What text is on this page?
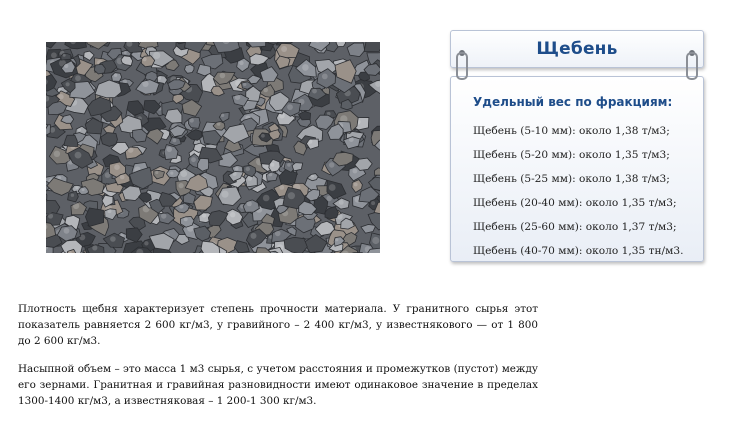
Щебень
Удельный вес по фракциям:
Щебень (5-10 мм): около 1,38 т/м3;
Щебень (5-20 мм): около 1,35 т/м3;
Щебень (5-25 мм): около 1,38 т/м3;
Щебень (20-40 мм): около 1,35 т/м3;
Щебень (25-60 мм): около 1,37 т/м3;
Щебень (40-70 мм): около 1,35 тн/м3.

Плотность щебня характеризует степень прочности материала. У гранитного сырья этот показатель равняется 2 600 кг/м3, у гравийного – 2 400 кг/м3, у известнякового — от 1 800 до 2 600 кг/м3.

Насыпной объем – это масса 1 м3 сырья, с учетом расстояния и промежутков (пустот) между его зернами. Гранитная и гравийная разновидности имеют одинаковое значение в пределах 1300-1400 кг/м3, а известняковая – 1 200-1 300 кг/м3.
